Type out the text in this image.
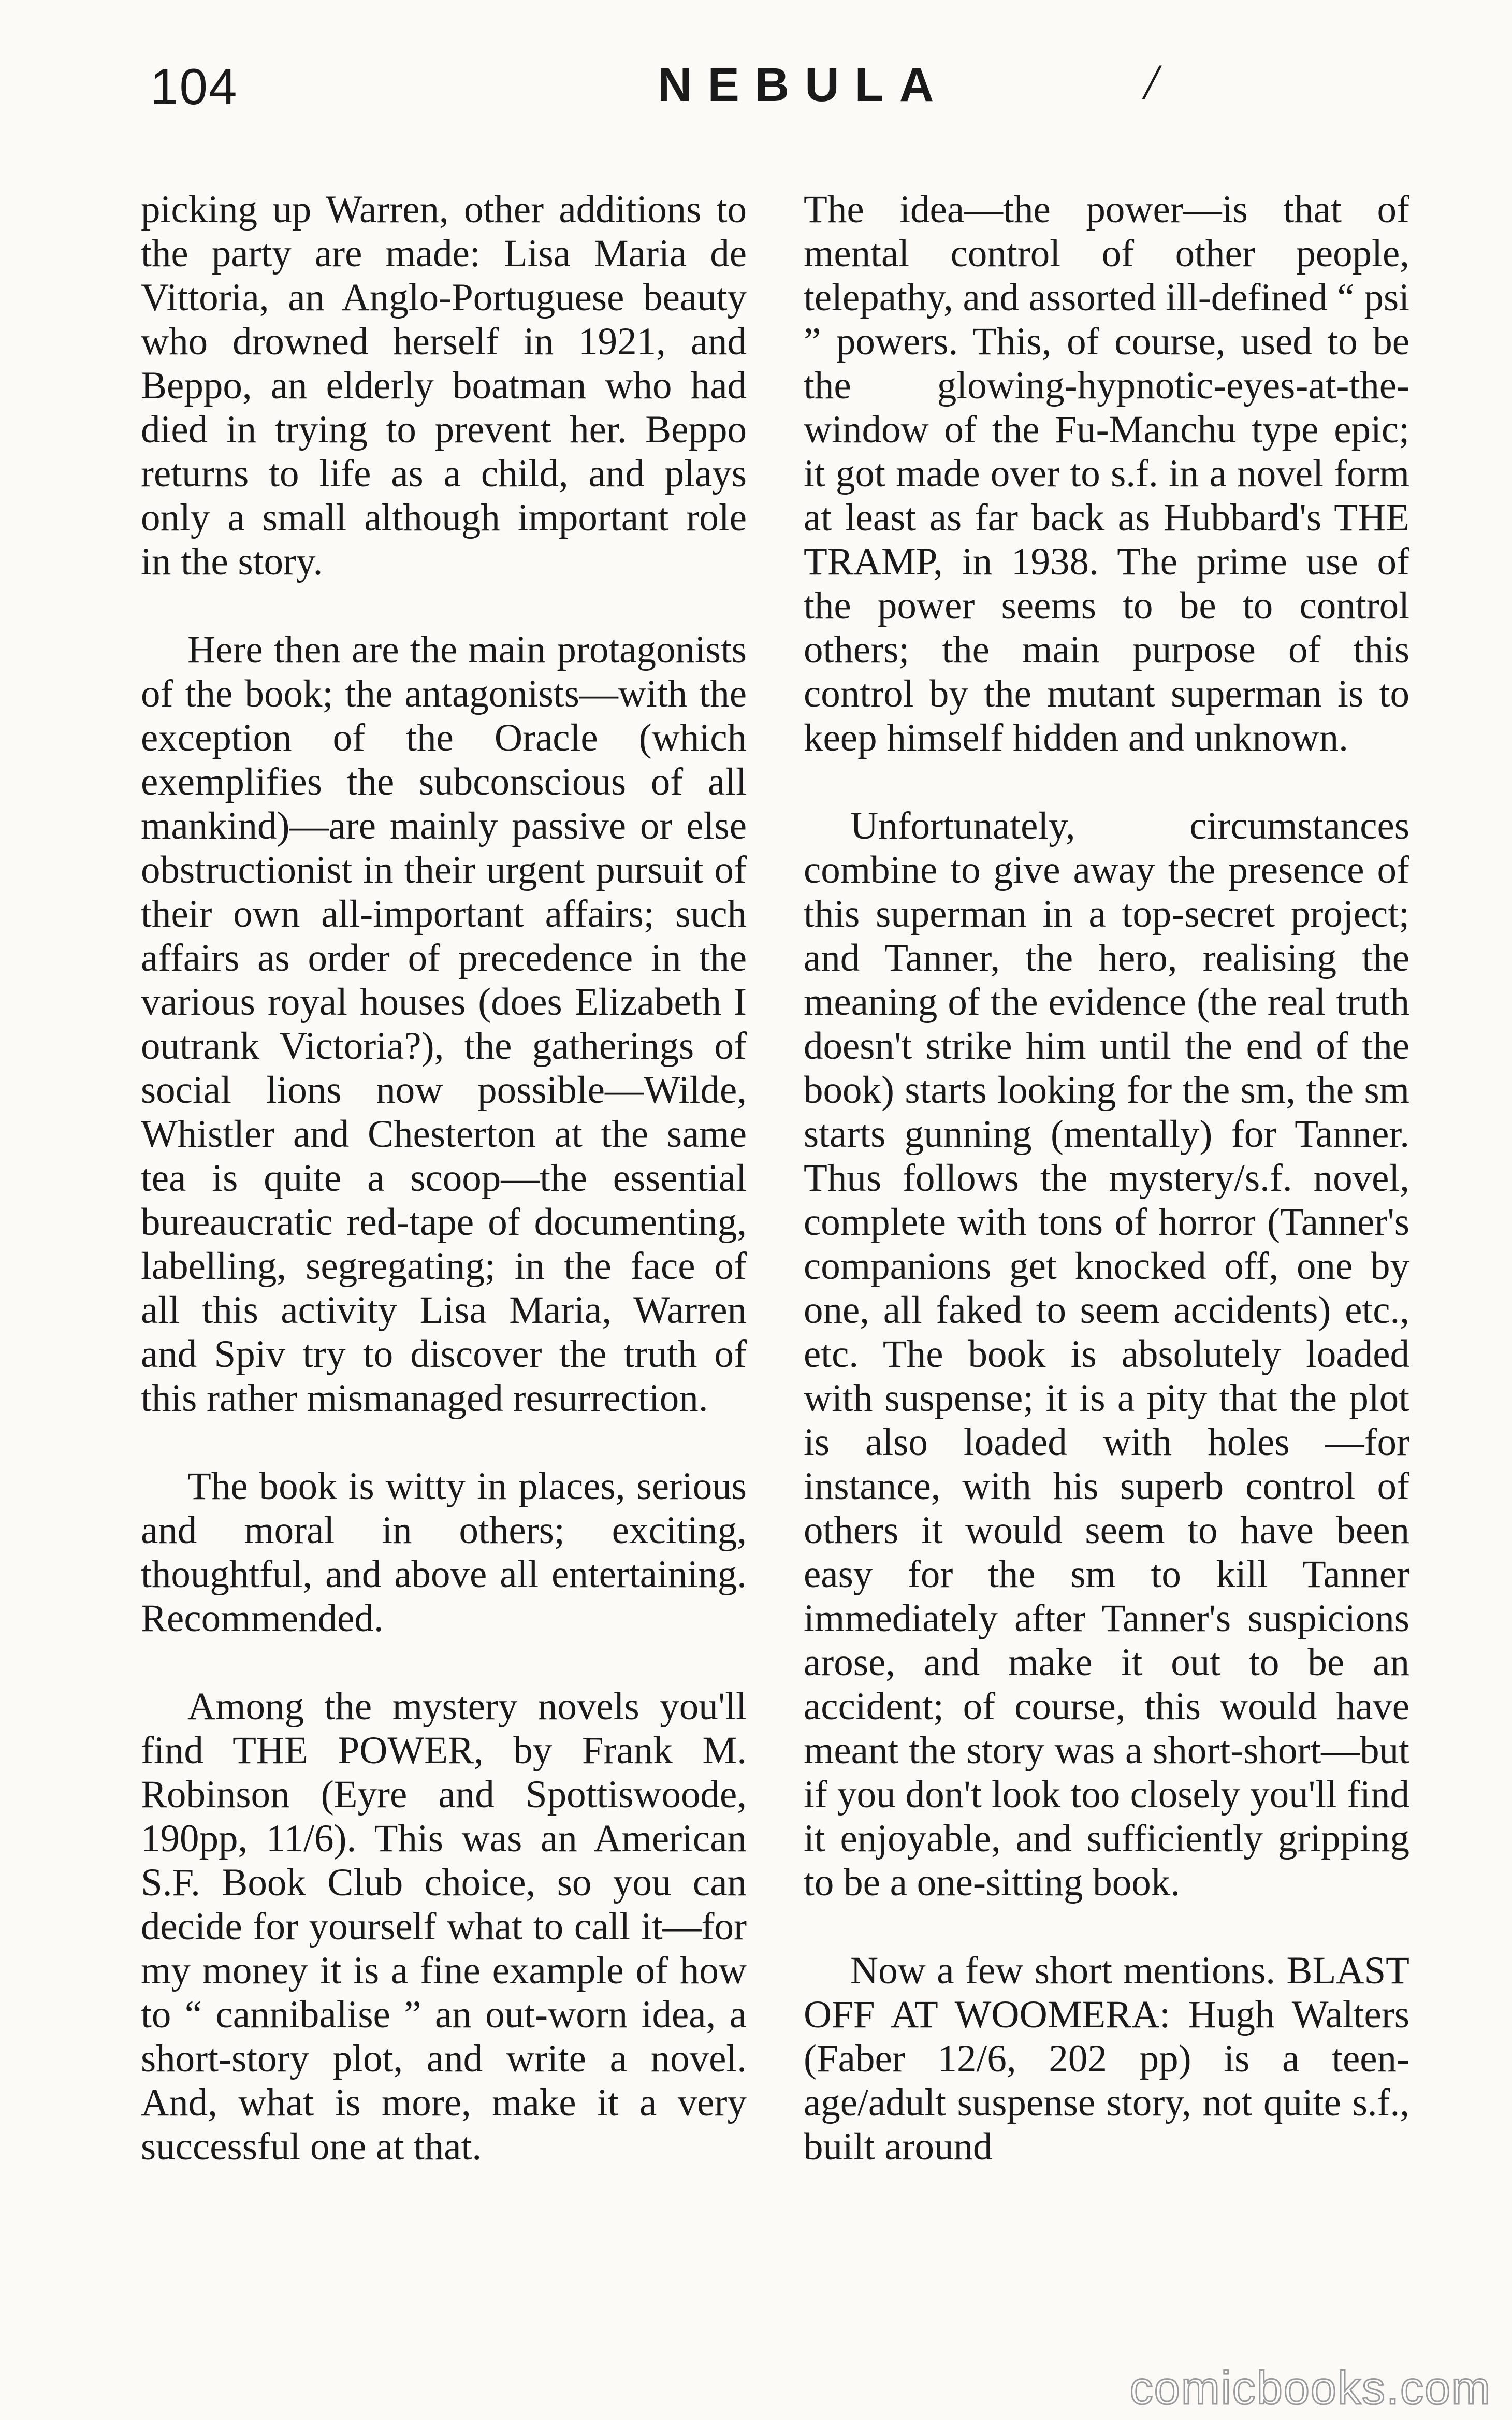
104	NEBULA	/

picking up Warren, other additions to the party are made: Lisa Maria de Vittoria, an Anglo-Portuguese beauty who drowned herself in 1921, and Beppo, an elderly boatman who had died in trying to prevent her. Beppo returns to life as a child, and plays only a small although important role in the story.

Here then are the main protagonists of the book; the antagonists—with the exception of the Oracle (which exemplifies the subconscious of all mankind)—are mainly passive or else obstructionist in their urgent pursuit of their own all-important affairs; such affairs as order of precedence in the various royal houses (does Elizabeth I outrank Victoria?), the gatherings of social lions now possible—Wilde, Whistler and Chesterton at the same tea is quite a scoop—the essential bureaucratic red-tape of documenting, labelling, segregating; in the face of all this activity Lisa Maria, Warren and Spiv try to discover the truth of this rather mismanaged resurrection.

The book is witty in places, serious and moral in others; exciting, thoughtful, and above all entertaining. Recommended.

Among the mystery novels you'll find THE POWER, by Frank M. Robinson (Eyre and Spottiswoode, 190pp, 11/6). This was an American S.F. Book Club choice, so you can decide for yourself what to call it—for my money it is a fine example of how to “ cannibalise ” an out-worn idea, a short-story plot, and write a novel. And, what is more, make it a very successful one at that.

The idea—the power—is that of mental control of other people, telepathy, and assorted ill-defined “ psi ” powers. This, of course, used to be the glowing-hypnotic-eyes-at-the-window of the Fu-Manchu type epic; it got made over to s.f. in a novel form at least as far back as Hubbard's THE TRAMP, in 1938. The prime use of the power seems to be to control others; the main purpose of this control by the mutant superman is to keep himself hidden and unknown.

Unfortunately, circumstances combine to give away the presence of this superman in a top-secret project; and Tanner, the hero, realising the meaning of the evidence (the real truth doesn't strike him until the end of the book) starts looking for the sm, the sm starts gunning (mentally) for Tanner. Thus follows the mystery/s.f. novel, complete with tons of horror (Tanner's companions get knocked off, one by one, all faked to seem accidents) etc., etc. The book is absolutely loaded with suspense; it is a pity that the plot is also loaded with holes —for instance, with his superb control of others it would seem to have been easy for the sm to kill Tanner immediately after Tanner's suspicions arose, and make it out to be an accident; of course, this would have meant the story was a short-short—but if you don't look too closely you'll find it enjoyable, and sufficiently gripping to be a one-sitting book.

Now a few short mentions. BLAST OFF AT WOOMERA: Hugh Walters (Faber 12/6, 202 pp) is a teen-age/adult suspense story, not quite s.f., built around

comicbooks.com
